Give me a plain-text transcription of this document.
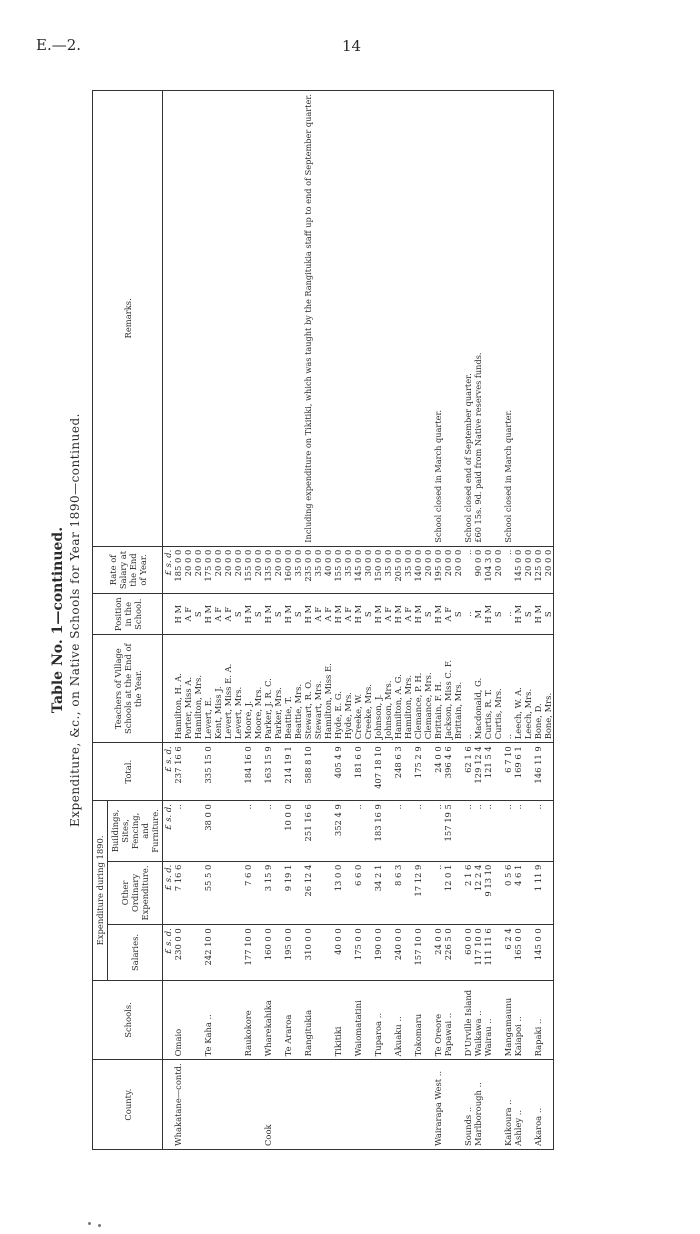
E.—2.	14
Table No. 1—continued. Expenditure, &c., on Native Schools for Year 1890—continued.
County.	Schools.	Expenditure during 1890.			Total.	Teachers of Village Schools at the End of the Year.	Position in the School.	Rate of Salary at the End of Year.	Remarks.
		Salaries.	Other Ordinary Expenditure.	Buildings, Sites, Fencing, and Furniture.					
		£ s. d.	£ s. d.	£ s. d.	£ s. d.			£ s. d.	
Whakatane—contd.	Omaio	230 0 0	7 16 6	..	237 16 6	Hamilton, H. A.	H M	185 0 0	
						Porter, Miss A.	A F	20 0 0	
						Hamilton, Mrs.	S	20 0 0	
	Te Kaha ..	242 10 0	55 5 0	38 0 0	335 15 0	Levert, E.	H M	175 0 0	
						Kent, Miss J.	A F	20 0 0	
						Levert, Miss E. A.	A F	20 0 0	
						Levert, Mrs.	S	20 0 0	
	Raukokore	177 10 0	7 6 0	..	184 16 0	Moore, J.	H M	155 0 0	
						Moore, Mrs.	S	20 0 0	
Cook	Wharekahika	160 0 0	3 15 9	..	163 15 9	Parker, J. R. C.	H M	135 0 0	
						Parker, Mrs.	S	20 0 0	
	Te Araroa	195 0 0	9 19 1	10 0 0	214 19 1	Beattie, T.	H M	160 0 0	
						Beattie, Mrs.	S	35 0 0	
	Rangitukia	310 0 0	26 12 4	251 16 6	588 8 10	Stewart, R. O.	H M	235 0 0	Including expenditure on Tikitiki, which was taught by the Rangitukia staff up to end of September quarter.
						Stewart, Mrs.	A F	35 0 0	
						Hamilton, Miss E.	A F	40 0 0	
	Tikitiki	40 0 0	13 0 0	352 4 9	405 4 9	Hyde, E. G.	H M	155 0 0	
						Hyde, Mrs.	A F	35 0 0	
	Waiomatatini	175 0 0	6 6 0	..	181 6 0	Creeke, W.	H M	145 0 0	
						Creeke, Mrs.	S	30 0 0	
	Tuparoa ..	190 0 0	34 2 1	183 16 9	407 18 10	Johnson, J.	H M	150 0 0	
						Johnson, Mrs.	A F	35 0 0	
	Akuaku ..	240 0 0	8 6 3	..	248 6 3	Hamilton, A. G.	H M	205 0 0	
						Hamilton, Mrs.	A F	35 0 0	
	Tokomaru	157 10 0	17 12 9	..	175 2 9	Clemance, P. H.	H M	140 0 0	
						Clemance, Mrs.	S	20 0 0	
Wairarapa West ..	Te Oreore	24 0 0	..	..	24 0 0	Brittain, F. H.	H M	195 0 0	School closed in March quarter.
	Papawai ..	226 5 0	12 0 1	157 19 5	396 4 6	Jackson, Miss C. F.	A F	20 0 0	
						Brittain, Mrs.	S	20 0 0	
Sounds ..	D'Urville Island	60 0 0	2 1 6	..	62 1 6	..	..	..	School closed end of September quarter.
Marlborough ..	Waikawa ..	117 10 0	12 2 4	..	129 12 4	Macdonald, G.	M	90 0 0	£60 15s. 9d. paid from Native reserves funds.
	Wairau ..	111 11 6	9 13 10	..	121 5 4	Curtis, R. T.	H M	104 3 0	
						Curtis, Mrs.	S	20 0 0	
Kaikoura ..	Mangamaunu	6 2 4	0 5 6	..	6 7 10	..	..	..	School closed in March quarter.
Ashley ..	Kaiapoi ..	165 0 0	4 6 1	..	169 6 1	Leech, W. A.	H M	145 0 0	
						Leech, Mrs.	S	20 0 0	
Akaroa ..	Rapaki ..	145 0 0	1 11 9	..	146 11 9	Bone, D.	H M	125 0 0	
						Bone, Mrs.	S	20 0 0	
